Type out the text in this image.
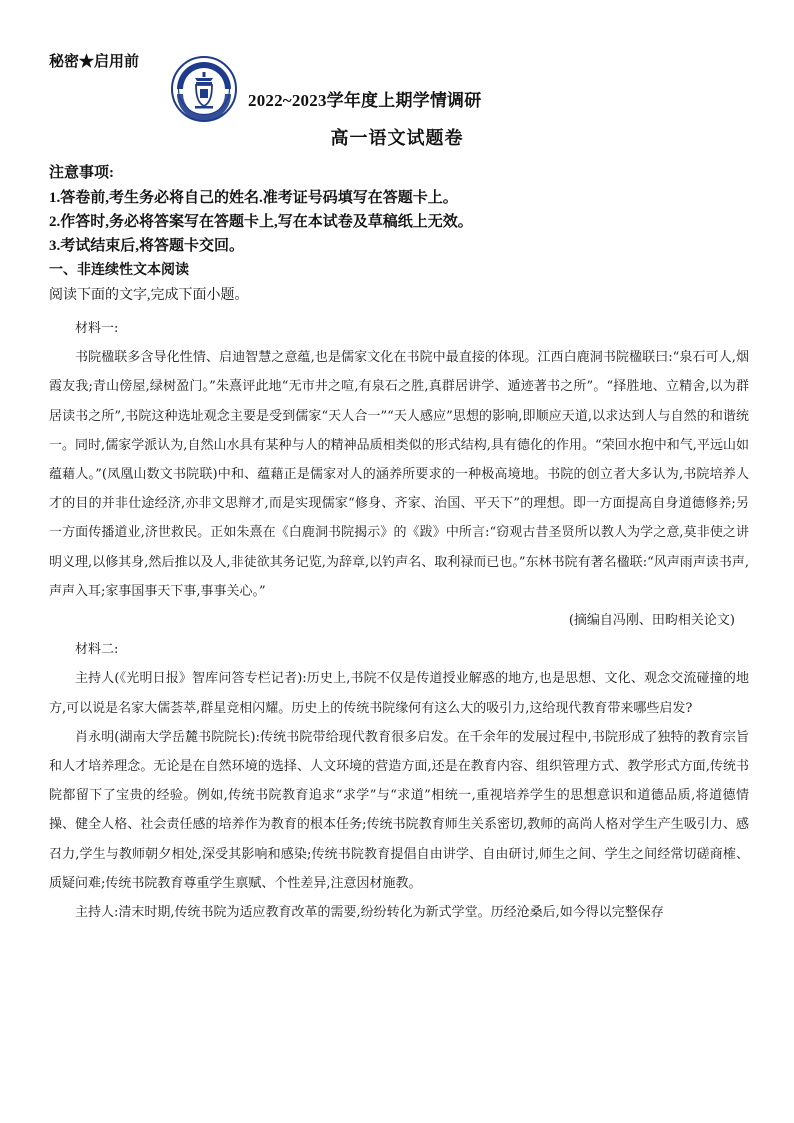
秘密★启用前
2022~2023学年度上期学情调研
高一语文试题卷
注意事项:
1.答卷前,考生务必将自己的姓名.准考证号码填写在答题卡上。
2.作答时,务必将答案写在答题卡上,写在本试卷及草稿纸上无效。
3.考试结束后,将答题卡交回。
一、非连续性文本阅读
阅读下面的文字,完成下面小题。

材料一:

书院楹联多含导化性情、启迪智慧之意蕴,也是儒家文化在书院中最直接的体现。江西白鹿洞书院楹联曰:“泉石可人,烟霞友我;青山傍屋,绿树盈门。”朱熹评此地“无市井之喧,有泉石之胜,真群居讲学、遁迹著书之所”。“择胜地、立精舍,以为群居读书之所”,书院这种选址观念主要是受到儒家“天人合一”“天人感应”思想的影响,即顺应天道,以求达到人与自然的和谐统一。同时,儒家学派认为,自然山水具有某种与人的精神品质相类似的形式结构,具有德化的作用。“荣回水抱中和气,平远山如蕴藉人。”(凤凰山数文书院联)中和、蕴藉正是儒家对人的涵养所要求的一种极高境地。书院的创立者大多认为,书院培养人才的目的并非仕途经济,亦非文思辩才,而是实现儒家“修身、齐家、治国、平天下”的理想。即一方面提高自身道德修养;另一方面传播道业,济世救民。正如朱熹在《白鹿洞书院揭示》的《跋》中所言:“窃观古昔圣贤所以教人为学之意,莫非使之讲明义理,以修其身,然后推以及人,非徒欲其务记览,为辞章,以钓声名、取利禄而已也。”东林书院有著名楹联:“风声雨声读书声,声声入耳;家事国事天下事,事事关心。”

(摘编自冯刚、田畇相关论文)

材料二:

主持人(《光明日报》智库问答专栏记者):历史上,书院不仅是传道授业解惑的地方,也是思想、文化、观念交流碰撞的地方,可以说是名家大儒荟萃,群星竞相闪耀。历史上的传统书院缘何有这么大的吸引力,这给现代教育带来哪些启发?

肖永明(湖南大学岳麓书院院长):传统书院带给现代教育很多启发。在千余年的发展过程中,书院形成了独特的教育宗旨和人才培养理念。无论是在自然环境的选择、人文环境的营造方面,还是在教育内容、组织管理方式、教学形式方面,传统书院都留下了宝贵的经验。例如,传统书院教育追求“求学”与“求道”相统一,重视培养学生的思想意识和道德品质,将道德情操、健全人格、社会责任感的培养作为教育的根本任务;传统书院教育师生关系密切,教师的高尚人格对学生产生吸引力、感召力,学生与教师朝夕相处,深受其影响和感染;传统书院教育提倡自由讲学、自由研讨,师生之间、学生之间经常切磋商榷、质疑问难;传统书院教育尊重学生禀赋、个性差异,注意因材施教。

主持人:清末时期,传统书院为适应教育改革的需要,纷纷转化为新式学堂。历经沧桑后,如今得以完整保存
